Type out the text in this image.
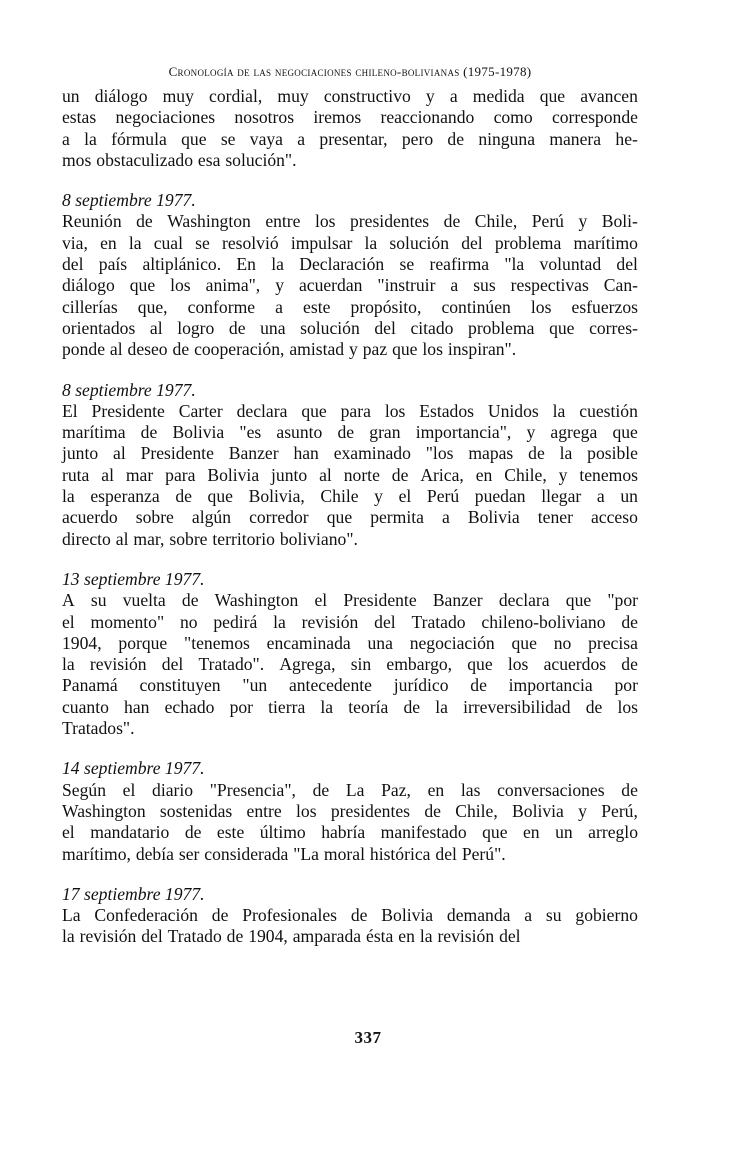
Cronología de las negociaciones chileno-bolivianas (1975-1978)
un diálogo muy cordial, muy constructivo y a medida que avancen
estas negociaciones nosotros iremos reaccionando como corresponde
a la fórmula que se vaya a presentar, pero de ninguna manera he-
mos obstaculizado esa solución".
8 septiembre 1977.
Reunión de Washington entre los presidentes de Chile, Perú y Boli-
via, en la cual se resolvió impulsar la solución del problema marítimo
del país altiplánico. En la Declaración se reafirma "la voluntad del
diálogo que los anima", y acuerdan "instruir a sus respectivas Can-
cillerías que, conforme a este propósito, continúen los esfuerzos
orientados al logro de una solución del citado problema que corres-
ponde al deseo de cooperación, amistad y paz que los inspiran".
8 septiembre 1977.
El Presidente Carter declara que para los Estados Unidos la cuestión
marítima de Bolivia "es asunto de gran importancia", y agrega que
junto al Presidente Banzer han examinado "los mapas de la posible
ruta al mar para Bolivia junto al norte de Arica, en Chile, y tenemos
la esperanza de que Bolivia, Chile y el Perú puedan llegar a un
acuerdo sobre algún corredor que permita a Bolivia tener acceso
directo al mar, sobre territorio boliviano".
13 septiembre 1977.
A su vuelta de Washington el Presidente Banzer declara que "por
el momento" no pedirá la revisión del Tratado chileno-boliviano de
1904, porque "tenemos encaminada una negociación que no precisa
la revisión del Tratado". Agrega, sin embargo, que los acuerdos de
Panamá constituyen "un antecedente jurídico de importancia por
cuanto han echado por tierra la teoría de la irreversibilidad de los
Tratados".
14 septiembre 1977.
Según el diario "Presencia", de La Paz, en las conversaciones de
Washington sostenidas entre los presidentes de Chile, Bolivia y Perú,
el mandatario de este último habría manifestado que en un arreglo
marítimo, debía ser considerada "La moral histórica del Perú".
17 septiembre 1977.
La Confederación de Profesionales de Bolivia demanda a su gobierno
la revisión del Tratado de 1904, amparada ésta en la revisión del
337
